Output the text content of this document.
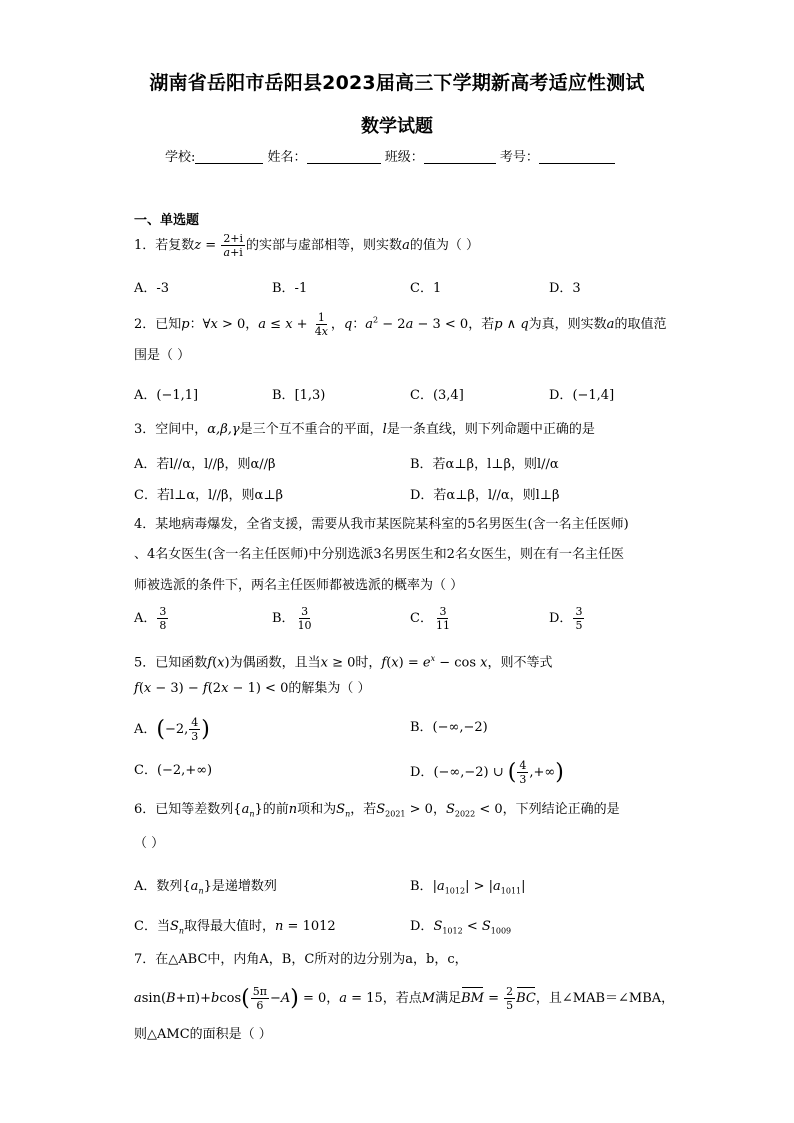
湖南省岳阳市岳阳县2023届高三下学期新高考适应性测试
数学试题
学校:	姓名：	班级：	考号：
一、单选题
1．若复数$z = \frac{2+i}{a+i}$ 的实部与虚部相等，则实数a的值为（ ）
A．-3	B．-1	C．1	D．3
2．已知p：∀x > 0，$a \le x + \frac{1}{4x}$ ，q：$a^2 - 2a - 3 < 0$，若p ∧ q为真，则实数a的取值范
围是（ ）
A．(−1,1]	B．[1,3)	C．(3,4]	D．(−1,4]
3．空间中，α,β,γ是三个互不重合的平面，l是一条直线，则下列命题中正确的是
A．若l//α，l//β，则α//β	B．若α⊥β，l⊥β，则l//α
C．若l⊥α，l//β，则α⊥β	D．若α⊥β，l//α，则l⊥β
4．某地病毒爆发，全省支援，需要从我市某医院某科室的5名男医生(含一名主任医师)
、4名女医生(含一名主任医师)中分别选派3名男医生和2名女医生，则在有一名主任医
师被选派的条件下，两名主任医师都被选派的概率为（ ）
A． $\frac{3}{8}$	B． $\frac{3}{10}$	C． $\frac{3}{11}$	D． $\frac{3}{5}$
5．已知函数f(x)为偶函数，且当x ≥ 0时，$f(x) = e^x - \cos x$，则不等式
f(x − 3) − f(2x − 1) < 0的解集为（ ）
A．(−2, $\frac{4}{3}$ )	B．(−∞,−2)
C．(−2,+∞)	D．(−∞,−2) ∪ ( $\frac{4}{3}$ ,+∞)
6．已知等差数列$\{a_n\}$的前n项和为$S_n$，若$S_{2021} > 0$，$S_{2022} < 0$，下列结论正确的是
（ ）
A．数列$\{a_n\}$是递增数列	B．$|a_{1012}| > |a_{1011}|$
C．当$S_n$取得最大值时，n = 1012	D．$S_{1012} < S_{1009}$
7．在△ABC中，内角A，B，C所对的边分别为a，b，c，
$asin(B+\pi)+bcos( \frac{5\pi}{6} -A) = 0$，a = 15，若点M满足BM = $\frac{2}{5}$ BC，且∠MAB＝∠MBA，
则△AMC的面积是（ ）
